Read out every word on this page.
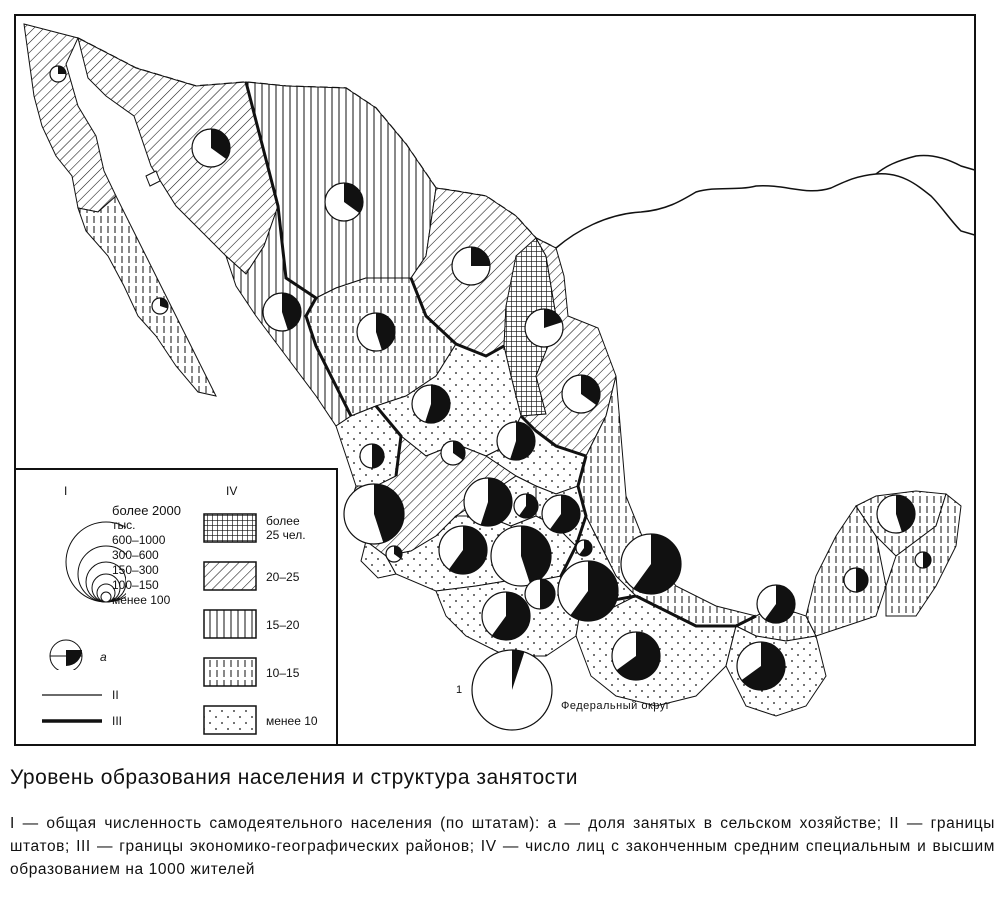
1
Федеральный округ
I	IV
более 2000
тыс.
600–1000
300–600
150–300
100–150
менее 100
а
II
III
более
25 чел.
20–25
15–20
10–15
менее 10
Уровень образования населения и структура занятости
I — общая численность самодеятельного населения (по штатам): а — доля занятых в сельском хозяйстве; II — границы штатов; III — границы экономико-географических районов; IV — число лиц с законченным средним специальным и высшим образованием на 1000 жителей
